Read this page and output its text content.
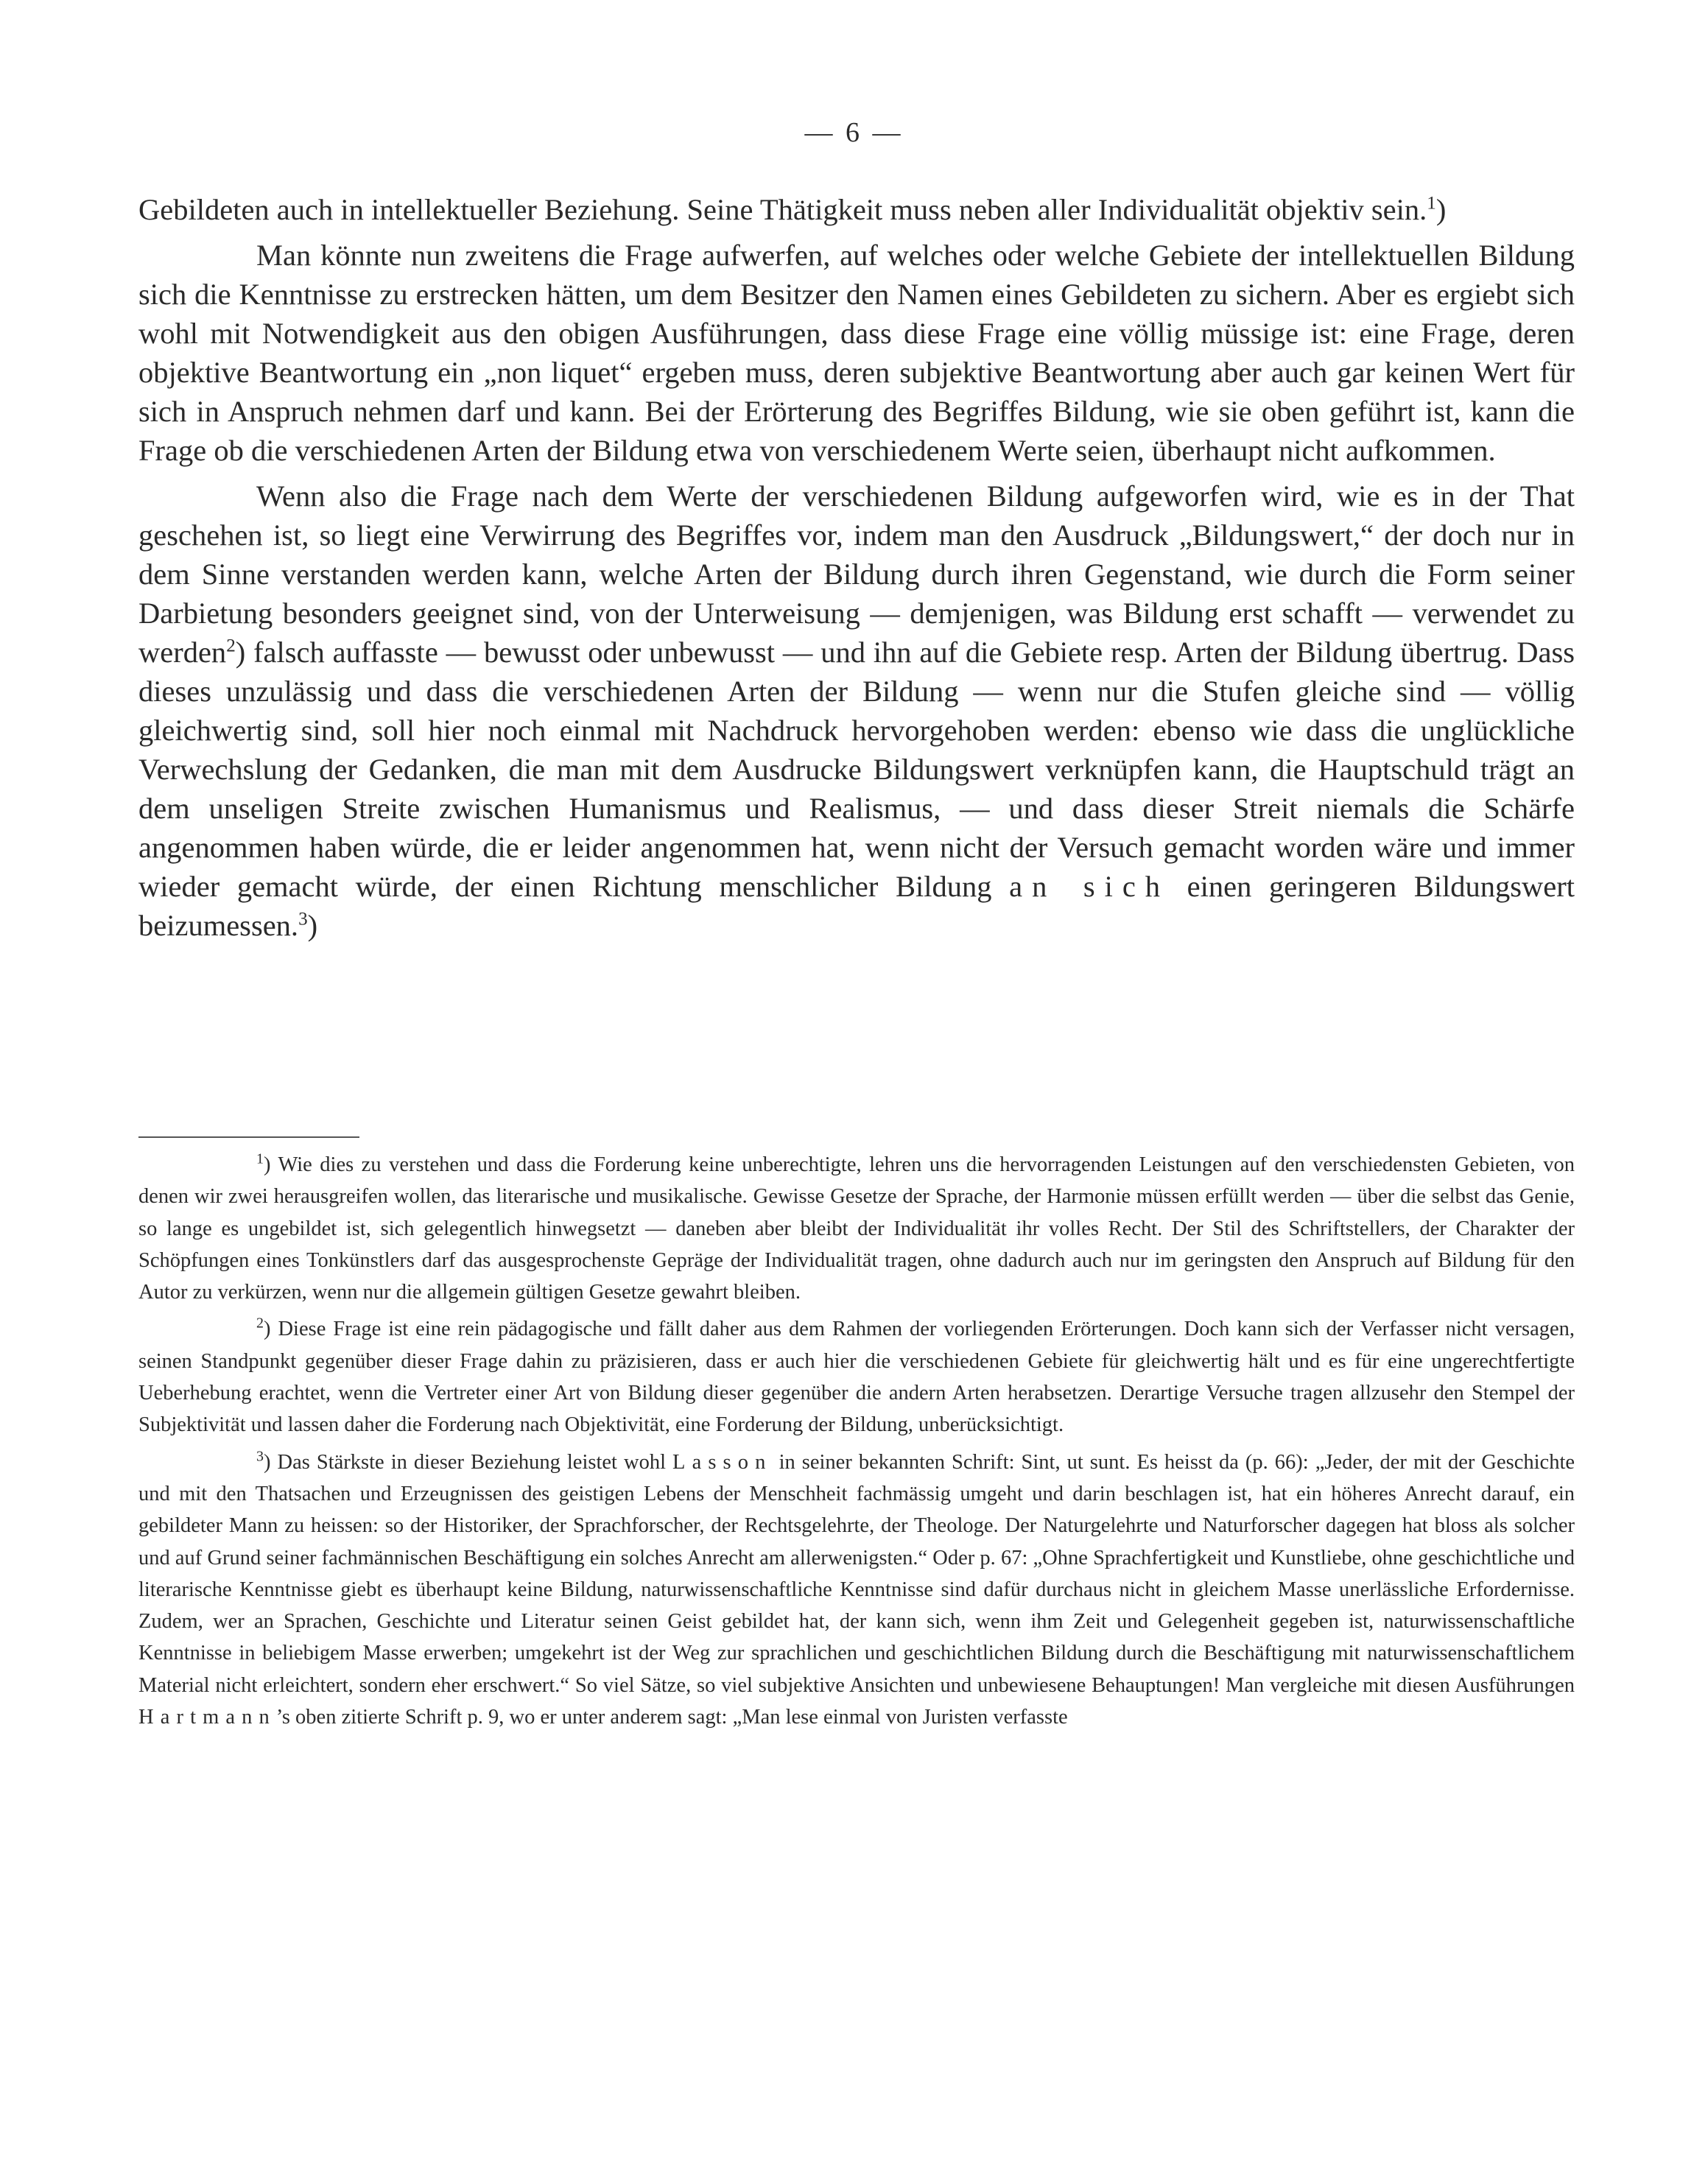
— 6 —

Gebildeten auch in intellektueller Beziehung. Seine Thätigkeit muss neben aller Individualität objektiv sein.$^1$)

Man könnte nun zweitens die Frage aufwerfen, auf welches oder welche Gebiete der intellektuellen Bildung sich die Kenntnisse zu erstrecken hätten, um dem Besitzer den Namen eines Gebildeten zu sichern. Aber es ergiebt sich wohl mit Notwendigkeit aus den obigen Ausführungen, dass diese Frage eine völlig müssige ist: eine Frage, deren objektive Beantwortung ein „non liquet“ ergeben muss, deren subjektive Beantwortung aber auch gar keinen Wert für sich in Anspruch nehmen darf und kann. Bei der Erörterung des Begriffes Bildung, wie sie oben geführt ist, kann die Frage ob die verschiedenen Arten der Bildung etwa von verschiedenem Werte seien, überhaupt nicht aufkommen.

Wenn also die Frage nach dem Werte der verschiedenen Bildung aufgeworfen wird, wie es in der That geschehen ist, so liegt eine Verwirrung des Begriffes vor, indem man den Ausdruck „Bildungswert,“ der doch nur in dem Sinne verstanden werden kann, welche Arten der Bildung durch ihren Gegenstand, wie durch die Form seiner Darbietung besonders geeignet sind, von der Unterweisung — demjenigen, was Bildung erst schafft — verwendet zu werden$^2$) falsch auffasste — bewusst oder unbewusst — und ihn auf die Gebiete resp. Arten der Bildung übertrug. Dass dieses unzulässig und dass die verschiedenen Arten der Bildung — wenn nur die Stufen gleiche sind — völlig gleichwertig sind, soll hier noch einmal mit Nachdruck hervorgehoben werden: ebenso wie dass die unglückliche Verwechslung der Gedanken, die man mit dem Ausdrucke Bildungswert verknüpfen kann, die Hauptschuld trägt an dem unseligen Streite zwischen Humanismus und Realismus, — und dass dieser Streit niemals die Schärfe angenommen haben würde, die er leider angenommen hat, wenn nicht der Versuch gemacht worden wäre und immer wieder gemacht würde, der einen Richtung menschlicher Bildung an sich einen geringeren Bildungswert beizumessen.$^3$)

$^1$) Wie dies zu verstehen und dass die Forderung keine unberechtigte, lehren uns die hervorragenden Leistungen auf den verschiedensten Gebieten, von denen wir zwei herausgreifen wollen, das literarische und musikalische. Gewisse Gesetze der Sprache, der Harmonie müssen erfüllt werden — über die selbst das Genie, so lange es ungebildet ist, sich gelegentlich hinwegsetzt — daneben aber bleibt der Individualität ihr volles Recht. Der Stil des Schriftstellers, der Charakter der Schöpfungen eines Tonkünstlers darf das ausgesprochenste Gepräge der Individualität tragen, ohne dadurch auch nur im geringsten den Anspruch auf Bildung für den Autor zu verkürzen, wenn nur die allgemein gültigen Gesetze gewahrt bleiben.

$^2$) Diese Frage ist eine rein pädagogische und fällt daher aus dem Rahmen der vorliegenden Erörterungen. Doch kann sich der Verfasser nicht versagen, seinen Standpunkt gegenüber dieser Frage dahin zu präzisieren, dass er auch hier die verschiedenen Gebiete für gleichwertig hält und es für eine ungerechtfertigte Ueberhebung erachtet, wenn die Vertreter einer Art von Bildung dieser gegenüber die andern Arten herabsetzen. Derartige Versuche tragen allzusehr den Stempel der Subjektivität und lassen daher die Forderung nach Objektivität, eine Forderung der Bildung, unberücksichtigt.

$^3$) Das Stärkste in dieser Beziehung leistet wohl Lasson in seiner bekannten Schrift: Sint, ut sunt. Es heisst da (p. 66): „Jeder, der mit der Geschichte und mit den Thatsachen und Erzeugnissen des geistigen Lebens der Menschheit fachmässig umgeht und darin beschlagen ist, hat ein höheres Anrecht darauf, ein gebildeter Mann zu heissen: so der Historiker, der Sprachforscher, der Rechtsgelehrte, der Theologe. Der Naturgelehrte und Naturforscher dagegen hat bloss als solcher und auf Grund seiner fachmännischen Beschäftigung ein solches Anrecht am allerwenigsten.“ Oder p. 67: „Ohne Sprachfertigkeit und Kunstliebe, ohne geschichtliche und literarische Kenntnisse giebt es überhaupt keine Bildung, naturwissenschaftliche Kenntnisse sind dafür durchaus nicht in gleichem Masse unerlässliche Erfordernisse. Zudem, wer an Sprachen, Geschichte und Literatur seinen Geist gebildet hat, der kann sich, wenn ihm Zeit und Gelegenheit gegeben ist, naturwissenschaftliche Kenntnisse in beliebigem Masse erwerben; umgekehrt ist der Weg zur sprachlichen und geschichtlichen Bildung durch die Beschäftigung mit naturwissenschaftlichem Material nicht erleichtert, sondern eher erschwert.“ So viel Sätze, so viel subjektive Ansichten und unbewiesene Behauptungen! Man vergleiche mit diesen Ausführungen Hartmann’s oben zitierte Schrift p. 9, wo er unter anderem sagt: „Man lese einmal von Juristen verfasste
